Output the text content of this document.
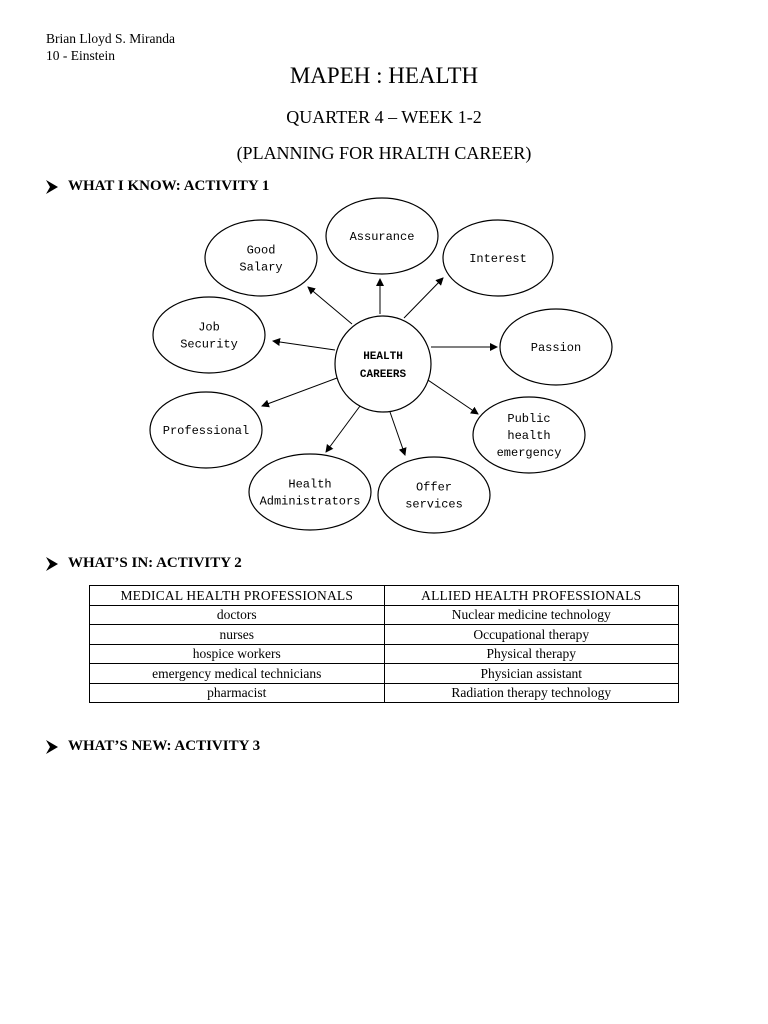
Brian Lloyd S. Miranda
10 - Einstein
MAPEH : HEALTH
QUARTER 4 – WEEK 1-2
(PLANNING FOR HRALTH CAREER)
WHAT I KNOW: ACTIVITY 1
Assurance
Interest
Passion
Public
health
emergency
Offer
services
Health
Administrators
Professional
Job
Security
Good
Salary
HEALTH
CAREERS
WHAT’S IN: ACTIVITY 2
MEDICAL HEALTH PROFESSIONALS	ALLIED HEALTH PROFESSIONALS
doctors	Nuclear medicine technology
nurses	Occupational therapy
hospice workers	Physical therapy
emergency medical technicians	Physician assistant
pharmacist	Radiation therapy technology
WHAT’S NEW: ACTIVITY 3
